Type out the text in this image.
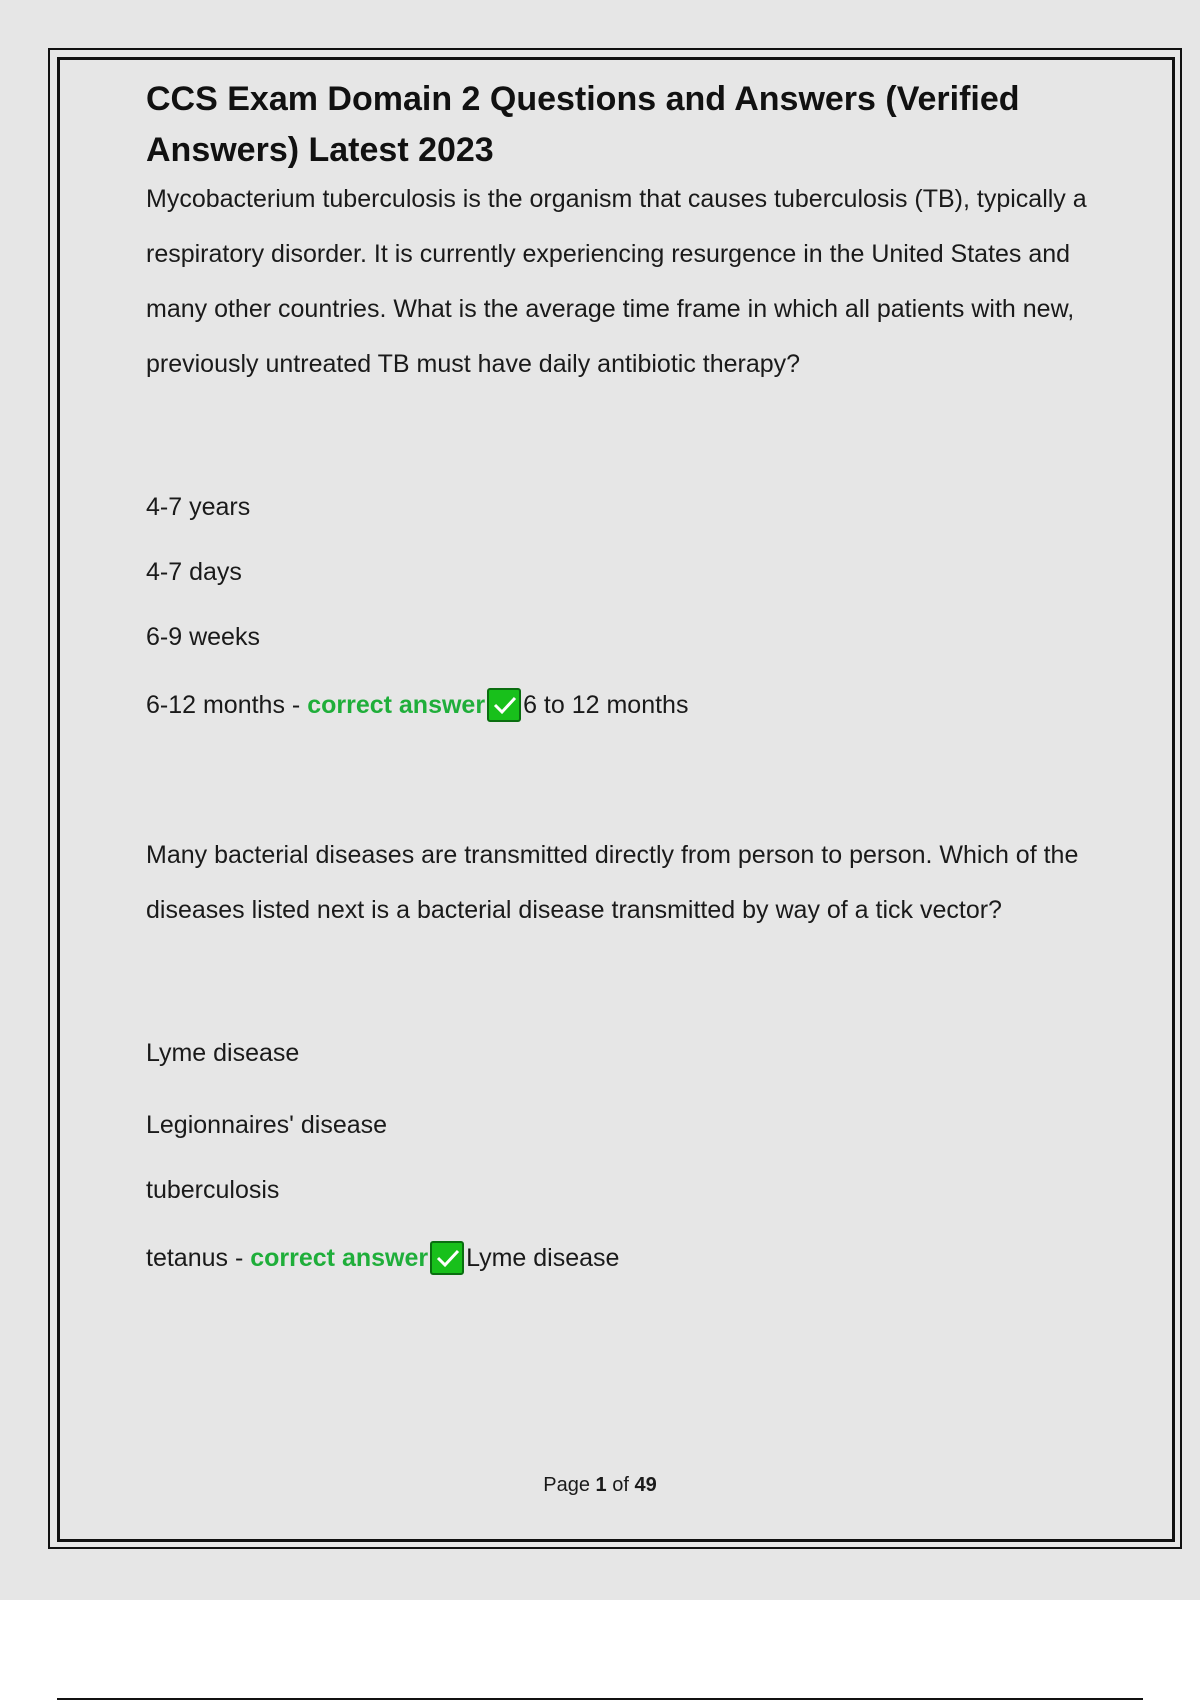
CCS Exam Domain 2 Questions and Answers (Verified Answers) Latest 2023

Mycobacterium tuberculosis is the organism that causes tuberculosis (TB), typically a respiratory disorder. It is currently experiencing resurgence in the United States and many other countries. What is the average time frame in which all patients with new, previously untreated TB must have daily antibiotic therapy?

4-7 years
4-7 days
6-9 weeks

6-12 months - correct answer 6 to 12 months

Many bacterial diseases are transmitted directly from person to person. Which of the diseases listed next is a bacterial disease transmitted by way of a tick vector?

Lyme disease
Legionnaires' disease
tuberculosis

tetanus - correct answer Lyme disease

Page 1 of 49
